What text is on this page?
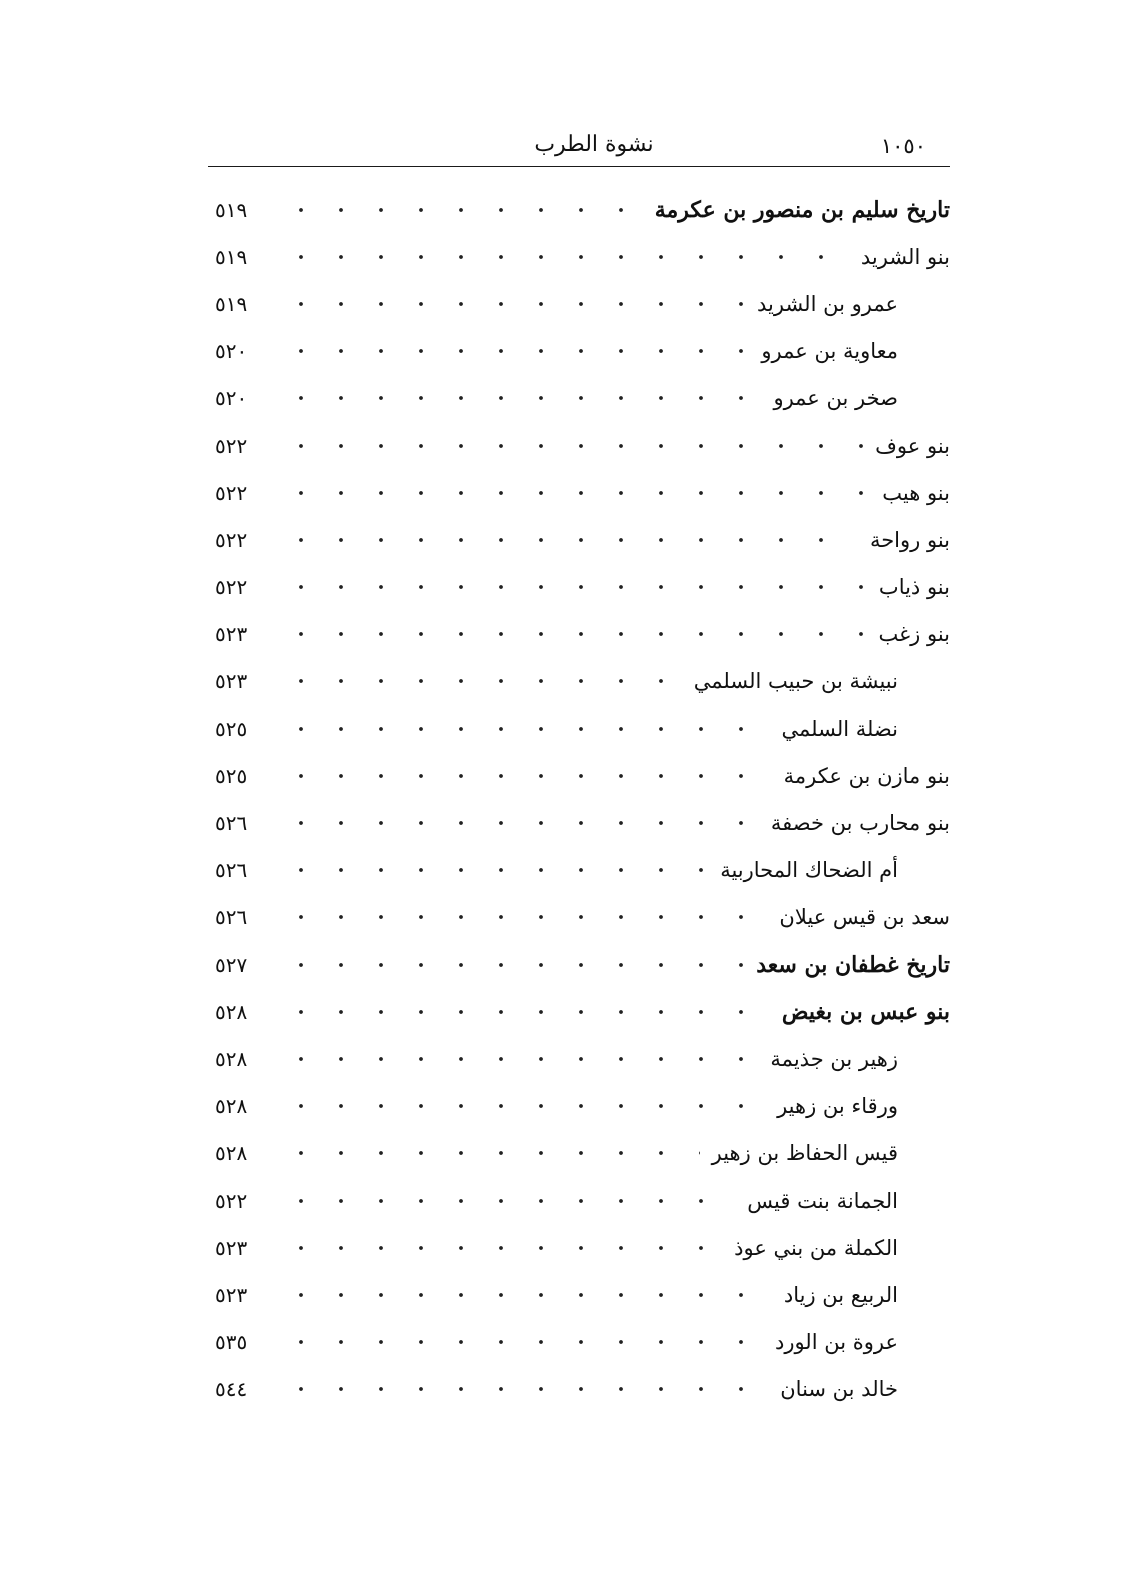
١٠٥٠
نشوة الطرب
تاريخ سليم بن منصور بن عكرمة
٥١٩
بنو الشريد
٥١٩
عمرو بن الشريد
٥١٩
معاوية بن عمرو
٥٢٠
صخر بن عمرو
٥٢٠
بنو عوف
٥٢٢
بنو هيب
٥٢٢
بنو رواحة
٥٢٢
بنو ذياب
٥٢٢
بنو زغب
٥٢٣
نبيشة بن حبيب السلمي
٥٢٣
نضلة السلمي
٥٢٥
بنو مازن بن عكرمة
٥٢٥
بنو محارب بن خصفة
٥٢٦
أم الضحاك المحاربية
٥٢٦
سعد بن قيس عيلان
٥٢٦
تاريخ غطفان بن سعد
٥٢٧
بنو عبس بن بغيض
٥٢٨
زهير بن جذيمة
٥٢٨
ورقاء بن زهير
٥٢٨
قيس الحفاظ بن زهير
٥٢٨
الجمانة بنت قيس
٥٢٢
الكملة من بني عوذ
٥٢٣
الربيع بن زياد
٥٢٣
عروة بن الورد
٥٣٥
خالد بن سنان
٥٤٤
